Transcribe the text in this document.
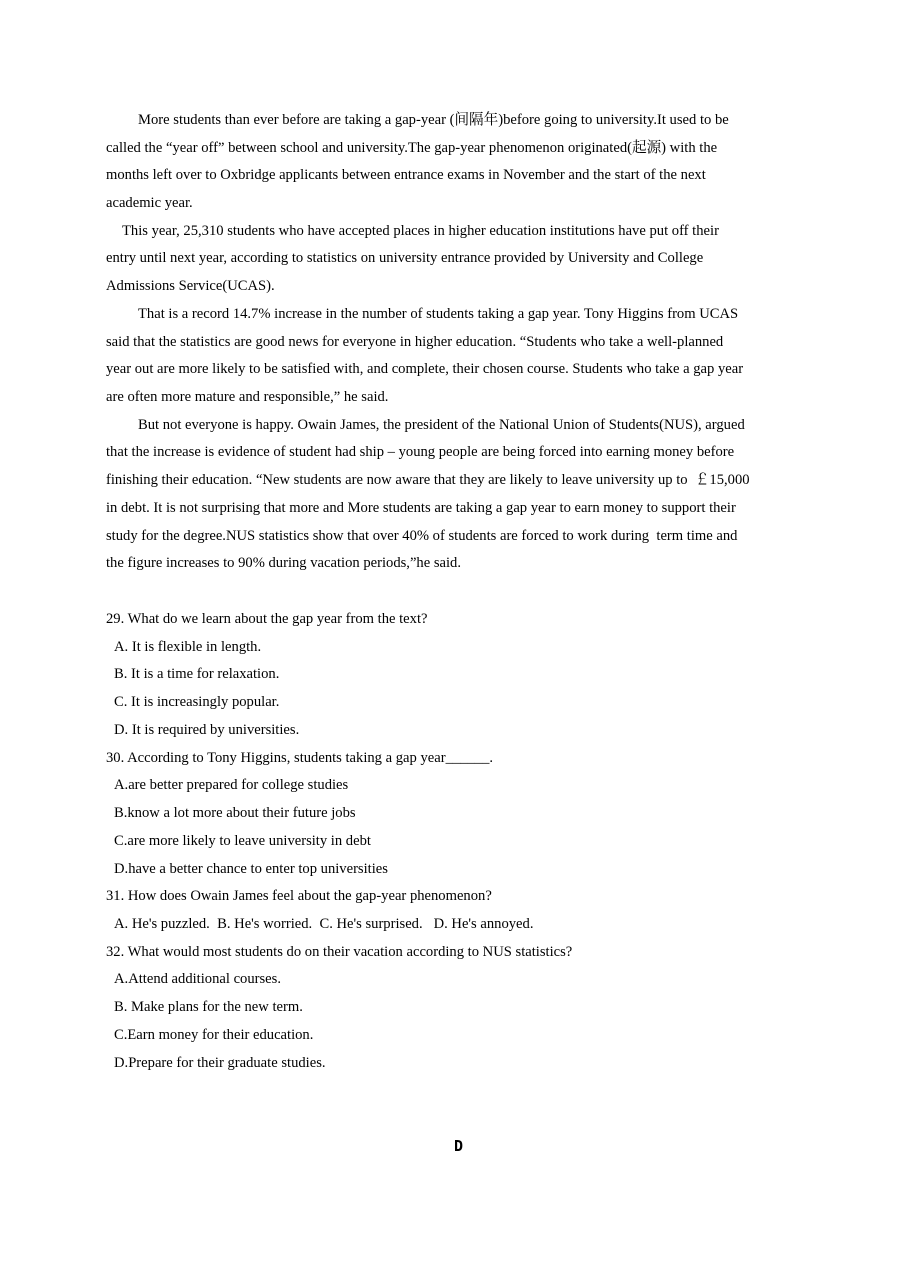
More students than ever before are taking a gap-year (间隔年)before going to university.It used to be
called the “year off” between school and university.The gap-year phenomenon originated(起源) with the
months left over to Oxbridge applicants between entrance exams in November and the start of the next
academic year.
This year, 25,310 students who have accepted places in higher education institutions have put off their
entry until next year, according to statistics on university entrance provided by University and College
Admissions Service(UCAS).
That is a record 14.7% increase in the number of students taking a gap year. Tony Higgins from UCAS
said that the statistics are good news for everyone in higher education. “Students who take a well-planned
year out are more likely to be satisfied with, and complete, their chosen course. Students who take a gap year
are often more mature and responsible,” he said.
But not everyone is happy. Owain James, the president of the National Union of Students(NUS), argued
that the increase is evidence of student had ship – young people are being forced into earning money before
finishing their education. “New students are now aware that they are likely to leave university up to  ￡15,000
in debt. It is not surprising that more and More students are taking a gap year to earn money to support their
study for the degree.NUS statistics show that over 40% of students are forced to work during  term time and
the figure increases to 90% during vacation periods,”he said.
29. What do we learn about the gap year from the text?
A. It is flexible in length.
B. It is a time for relaxation.
C. It is increasingly popular.
D. It is required by universities.
30. According to Tony Higgins, students taking a gap year______.
A.are better prepared for college studies
B.know a lot more about their future jobs
C.are more likely to leave university in debt
D.have a better chance to enter top universities
31. How does Owain James feel about the gap-year phenomenon?
A. He's puzzled.  B. He's worried.  C. He's surprised.   D. He's annoyed.
32. What would most students do on their vacation according to NUS statistics?
A.Attend additional courses.
B. Make plans for the new term.
C.Earn money for their education.
D.Prepare for their graduate studies.
D
